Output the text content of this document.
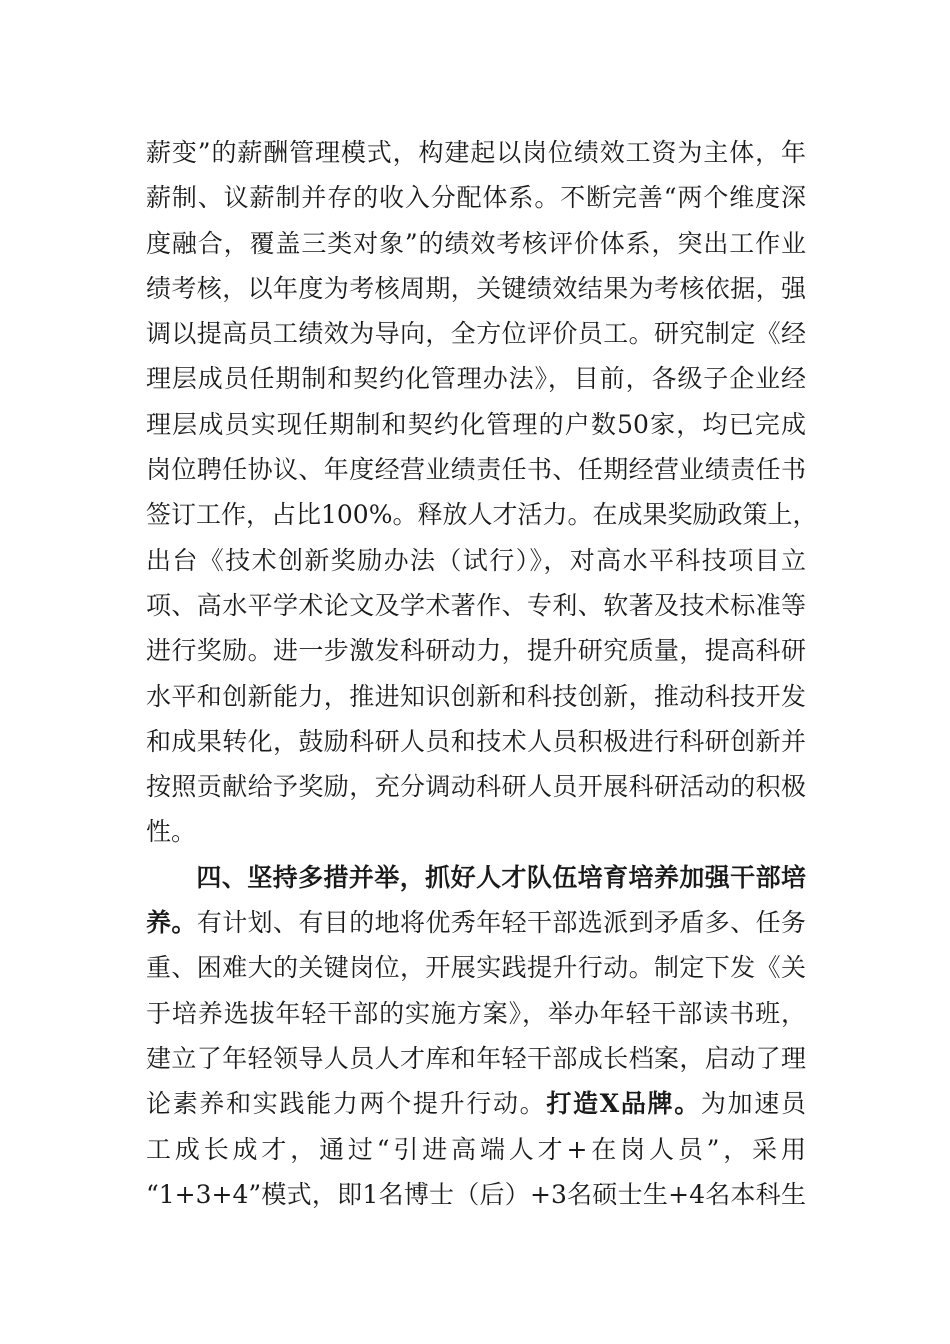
薪变”的薪酬管理模式，构建起以岗位绩效工资为主体，年
薪制、议薪制并存的收入分配体系。不断完善“两个维度深
度融合，覆盖三类对象”的绩效考核评价体系，突出工作业
绩考核，以年度为考核周期，关键绩效结果为考核依据，强
调以提高员工绩效为导向，全方位评价员工。研究制定《经
理层成员任期制和契约化管理办法》，目前，各级子企业经
理层成员实现任期制和契约化管理的户数50家，均已完成
岗位聘任协议、年度经营业绩责任书、任期经营业绩责任书
签订工作，占比100%。释放人才活力。在成果奖励政策上，
出台《技术创新奖励办法（试行）》，对高水平科技项目立
项、高水平学术论文及学术著作、专利、软著及技术标准等
进行奖励。进一步激发科研动力，提升研究质量，提高科研
水平和创新能力，推进知识创新和科技创新，推动科技开发
和成果转化，鼓励科研人员和技术人员积极进行科研创新并
按照贡献给予奖励，充分调动科研人员开展科研活动的积极
性。
四、坚持多措并举，抓好人才队伍培育培养加强干部培
养。有计划、有目的地将优秀年轻干部选派到矛盾多、任务
重、困难大的关键岗位，开展实践提升行动。制定下发《关
于培养选拔年轻干部的实施方案》，举办年轻干部读书班，
建立了年轻领导人员人才库和年轻干部成长档案，启动了理
论素养和实践能力两个提升行动。打造X品牌。为加速员
工成长成才，通过“引进高端人才+在岗人员”，采用
“1+3+4”模式，即1名博士（后）+3名硕士生+4名本科生
